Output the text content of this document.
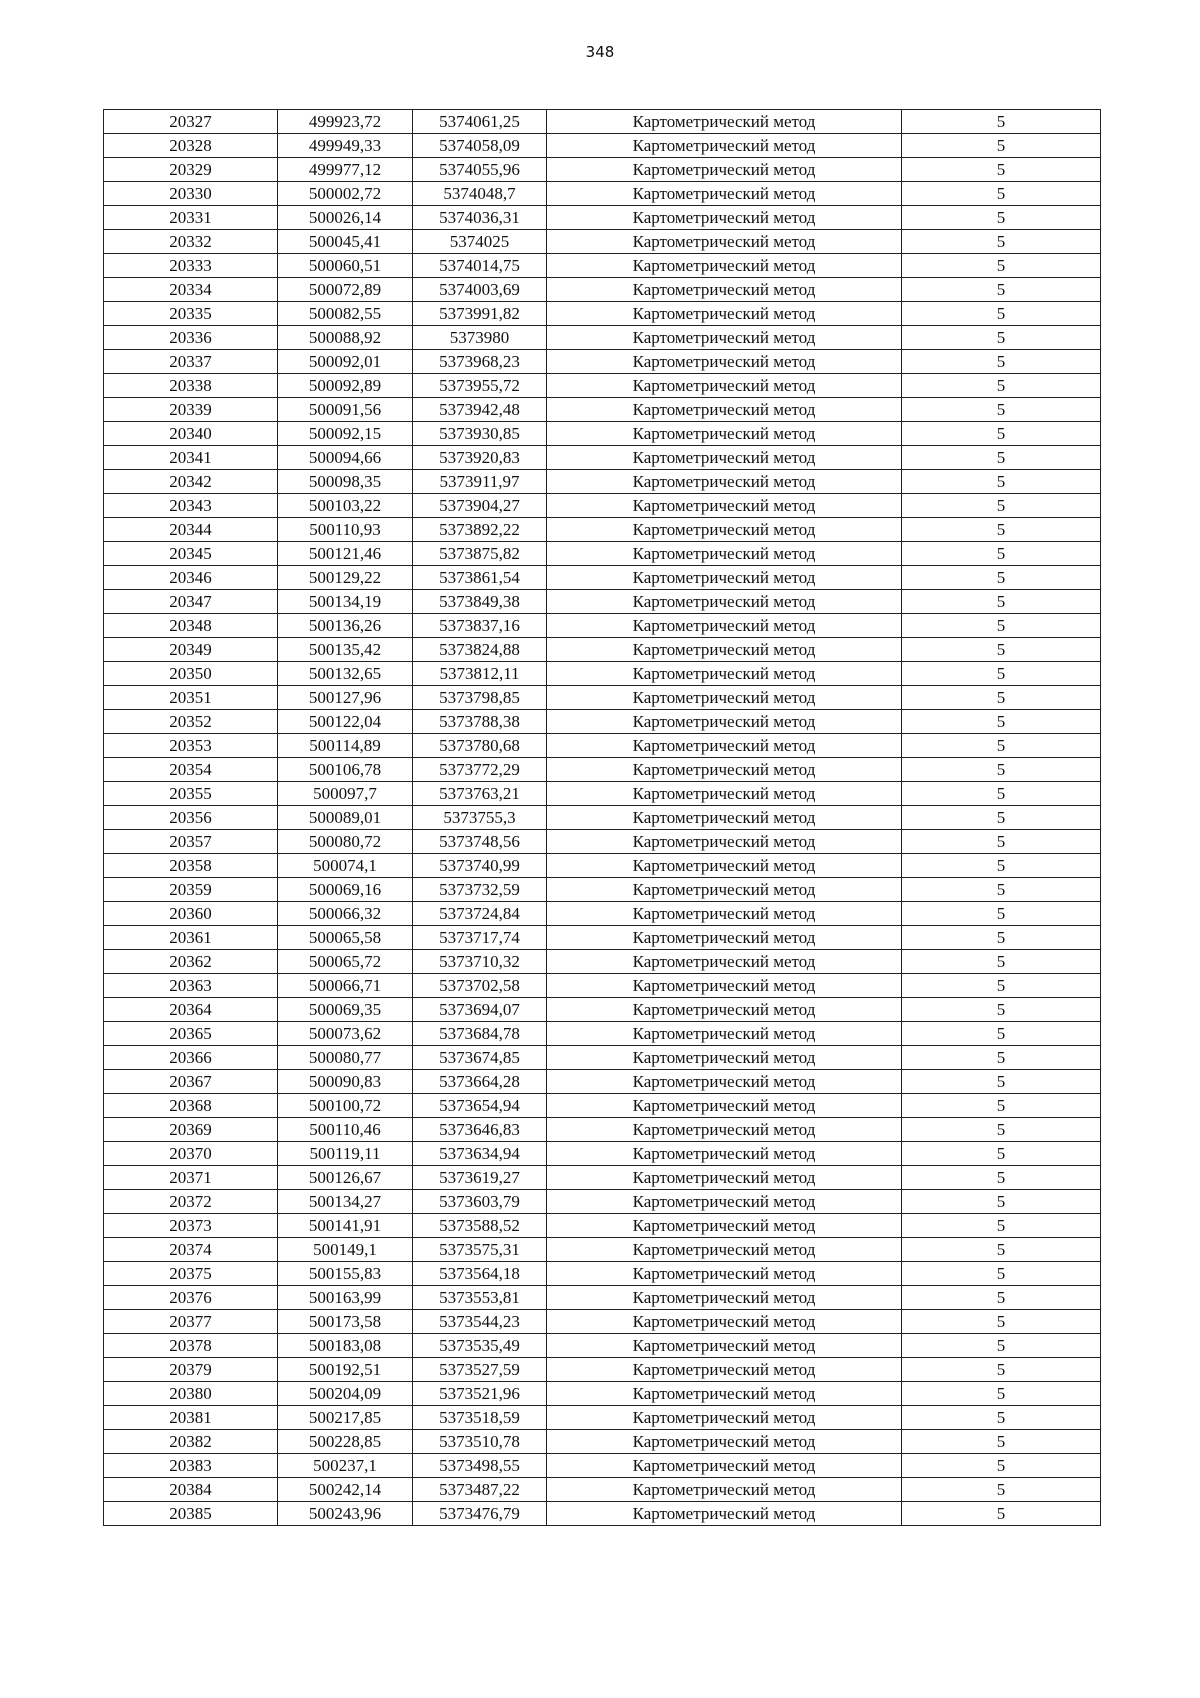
348
20327	499923,72	5374061,25	Картометрический метод	5
20328	499949,33	5374058,09	Картометрический метод	5
20329	499977,12	5374055,96	Картометрический метод	5
20330	500002,72	5374048,7	Картометрический метод	5
20331	500026,14	5374036,31	Картометрический метод	5
20332	500045,41	5374025	Картометрический метод	5
20333	500060,51	5374014,75	Картометрический метод	5
20334	500072,89	5374003,69	Картометрический метод	5
20335	500082,55	5373991,82	Картометрический метод	5
20336	500088,92	5373980	Картометрический метод	5
20337	500092,01	5373968,23	Картометрический метод	5
20338	500092,89	5373955,72	Картометрический метод	5
20339	500091,56	5373942,48	Картометрический метод	5
20340	500092,15	5373930,85	Картометрический метод	5
20341	500094,66	5373920,83	Картометрический метод	5
20342	500098,35	5373911,97	Картометрический метод	5
20343	500103,22	5373904,27	Картометрический метод	5
20344	500110,93	5373892,22	Картометрический метод	5
20345	500121,46	5373875,82	Картометрический метод	5
20346	500129,22	5373861,54	Картометрический метод	5
20347	500134,19	5373849,38	Картометрический метод	5
20348	500136,26	5373837,16	Картометрический метод	5
20349	500135,42	5373824,88	Картометрический метод	5
20350	500132,65	5373812,11	Картометрический метод	5
20351	500127,96	5373798,85	Картометрический метод	5
20352	500122,04	5373788,38	Картометрический метод	5
20353	500114,89	5373780,68	Картометрический метод	5
20354	500106,78	5373772,29	Картометрический метод	5
20355	500097,7	5373763,21	Картометрический метод	5
20356	500089,01	5373755,3	Картометрический метод	5
20357	500080,72	5373748,56	Картометрический метод	5
20358	500074,1	5373740,99	Картометрический метод	5
20359	500069,16	5373732,59	Картометрический метод	5
20360	500066,32	5373724,84	Картометрический метод	5
20361	500065,58	5373717,74	Картометрический метод	5
20362	500065,72	5373710,32	Картометрический метод	5
20363	500066,71	5373702,58	Картометрический метод	5
20364	500069,35	5373694,07	Картометрический метод	5
20365	500073,62	5373684,78	Картометрический метод	5
20366	500080,77	5373674,85	Картометрический метод	5
20367	500090,83	5373664,28	Картометрический метод	5
20368	500100,72	5373654,94	Картометрический метод	5
20369	500110,46	5373646,83	Картометрический метод	5
20370	500119,11	5373634,94	Картометрический метод	5
20371	500126,67	5373619,27	Картометрический метод	5
20372	500134,27	5373603,79	Картометрический метод	5
20373	500141,91	5373588,52	Картометрический метод	5
20374	500149,1	5373575,31	Картометрический метод	5
20375	500155,83	5373564,18	Картометрический метод	5
20376	500163,99	5373553,81	Картометрический метод	5
20377	500173,58	5373544,23	Картометрический метод	5
20378	500183,08	5373535,49	Картометрический метод	5
20379	500192,51	5373527,59	Картометрический метод	5
20380	500204,09	5373521,96	Картометрический метод	5
20381	500217,85	5373518,59	Картометрический метод	5
20382	500228,85	5373510,78	Картометрический метод	5
20383	500237,1	5373498,55	Картометрический метод	5
20384	500242,14	5373487,22	Картометрический метод	5
20385	500243,96	5373476,79	Картометрический метод	5
